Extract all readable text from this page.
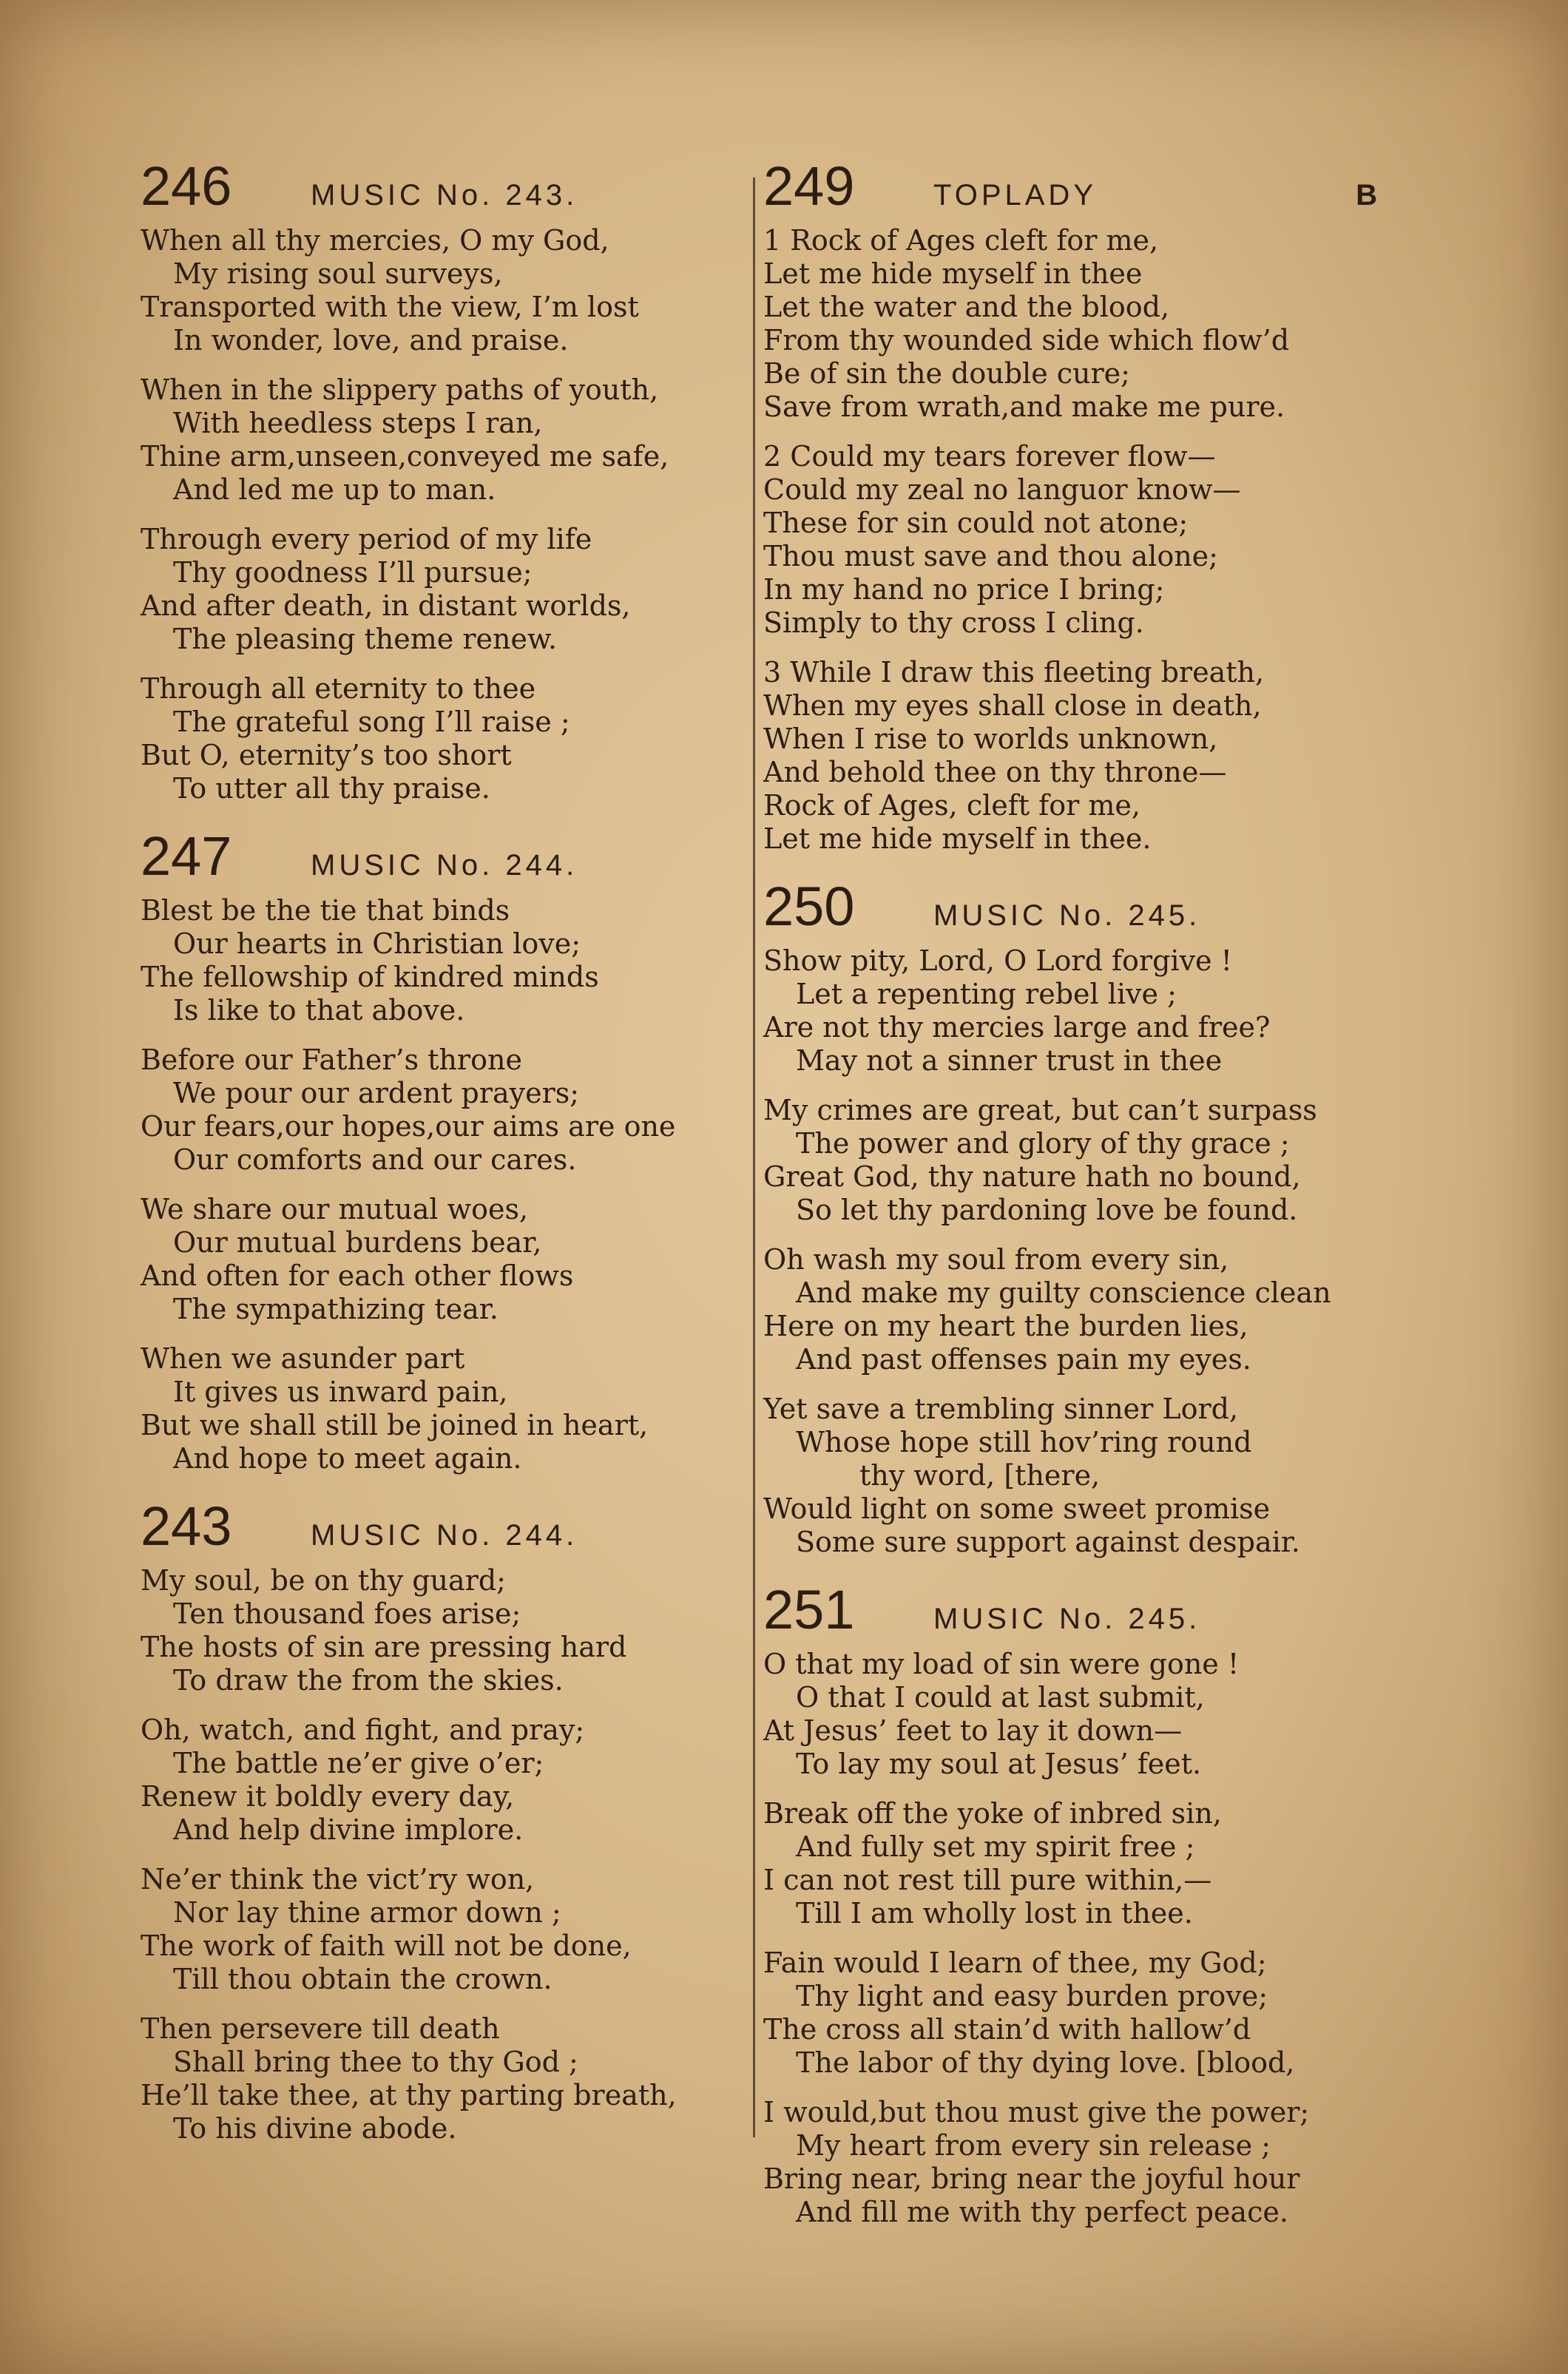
246	MUSIC No. 243.
When all thy mercies, O my God,
My rising soul surveys,
Transported with the view, I’m lost
In wonder, love, and praise.
When in the slippery paths of youth,
With heedless steps I ran,
Thine arm,unseen,conveyed me safe,
And led me up to man.
Through every period of my life
Thy goodness I’ll pursue;
And after death, in distant worlds,
The pleasing theme renew.
Through all eternity to thee
The grateful song I’ll raise ;
But O, eternity’s too short
To utter all thy praise.
247	MUSIC No. 244.
Blest be the tie that binds
Our hearts in Christian love;
The fellowship of kindred minds
Is like to that above.
Before our Father’s throne
We pour our ardent prayers;
Our fears,our hopes,our aims are one
Our comforts and our cares.
We share our mutual woes,
Our mutual burdens bear,
And often for each other flows
The sympathizing tear.
When we asunder part
It gives us inward pain,
But we shall still be joined in heart,
And hope to meet again.
243	MUSIC No. 244.
My soul, be on thy guard;
Ten thousand foes arise;
The hosts of sin are pressing hard
To draw the from the skies.
Oh, watch, and fight, and pray;
The battle ne’er give o’er;
Renew it boldly every day,
And help divine implore.
Ne’er think the vict’ry won,
Nor lay thine armor down ;
The work of faith will not be done,
Till thou obtain the crown.
Then persevere till death
Shall bring thee to thy God ;
He’ll take thee, at thy parting breath,
To his divine abode.
249	TOPLADY	B
1 Rock of Ages cleft for me,
Let me hide myself in thee
Let the water and the blood,
From thy wounded side which flow’d
Be of sin the double cure;
Save from wrath,and make me pure.
2 Could my tears forever flow—
Could my zeal no languor know—
These for sin could not atone;
Thou must save and thou alone;
In my hand no price I bring;
Simply to thy cross I cling.
3 While I draw this fleeting breath,
When my eyes shall close in death,
When I rise to worlds unknown,
And behold thee on thy throne—
Rock of Ages, cleft for me,
Let me hide myself in thee.
250	MUSIC No. 245.
Show pity, Lord, O Lord forgive !
Let a repenting rebel live ;
Are not thy mercies large and free?
May not a sinner trust in thee
My crimes are great, but can’t surpass
The power and glory of thy grace ;
Great God, thy nature hath no bound,
So let thy pardoning love be found.
Oh wash my soul from every sin,
And make my guilty conscience clean
Here on my heart the burden lies,
And past offenses pain my eyes.
Yet save a trembling sinner Lord,
Whose hope still hov’ring round
thy word, [there,
Would light on some sweet promise
Some sure support against despair.
251	MUSIC No. 245.
O that my load of sin were gone !
O that I could at last submit,
At Jesus’ feet to lay it down—
To lay my soul at Jesus’ feet.
Break off the yoke of inbred sin,
And fully set my spirit free ;
I can not rest till pure within,—
Till I am wholly lost in thee.
Fain would I learn of thee, my God;
Thy light and easy burden prove;
The cross all stain’d with hallow’d
The labor of thy dying love. [blood,
I would,but thou must give the power;
My heart from every sin release ;
Bring near, bring near the joyful hour
And fill me with thy perfect peace.
